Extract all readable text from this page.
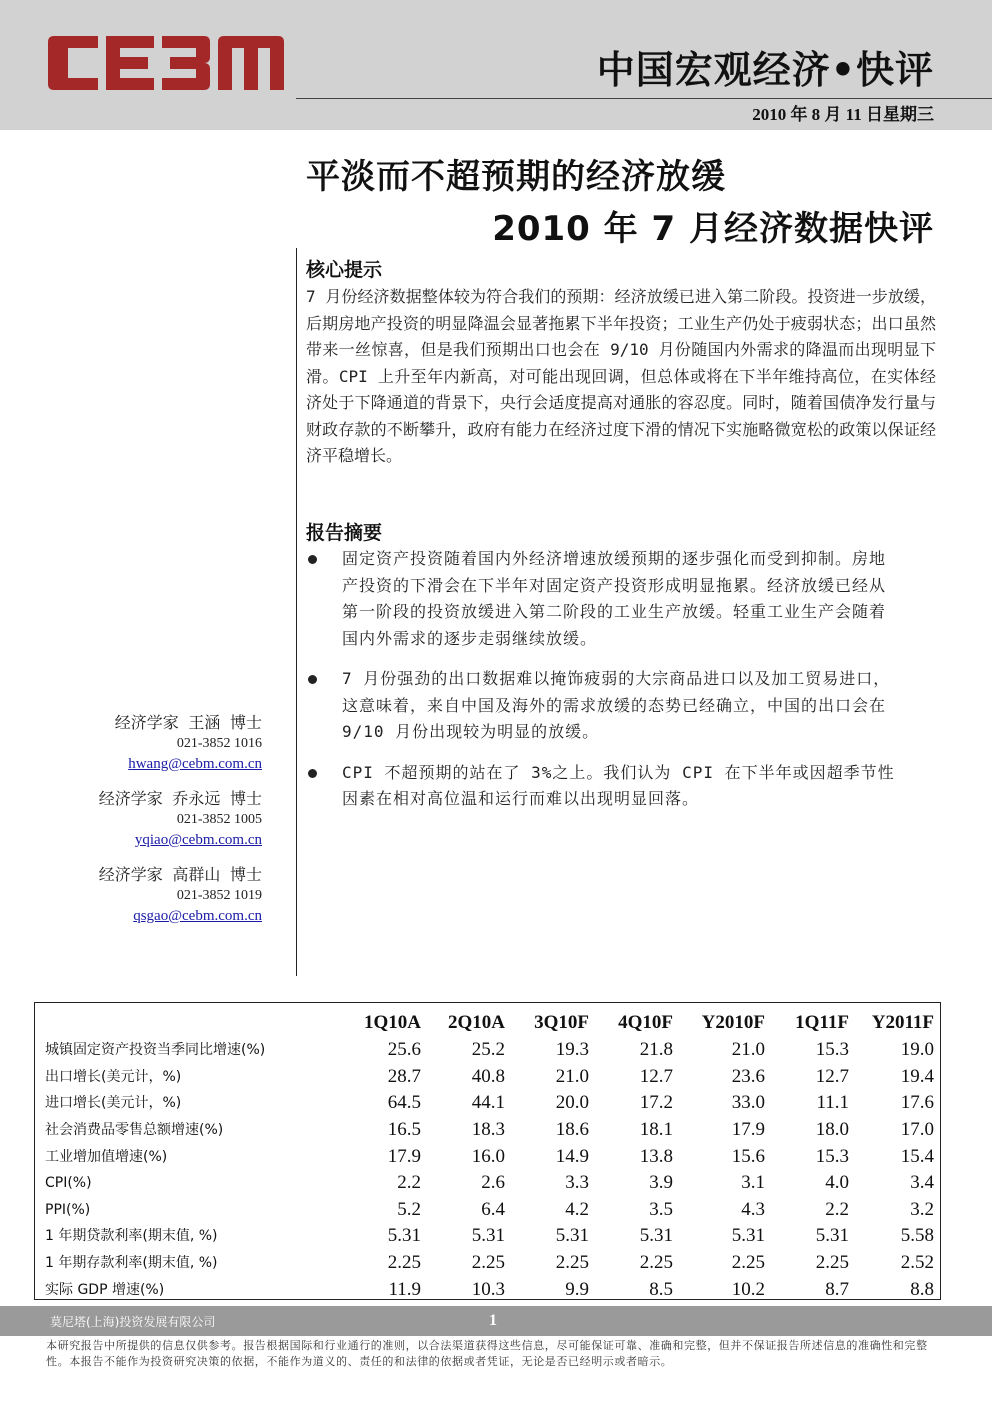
中国宏观经济•快评
2010 年 8 月 11 日星期三
平淡而不超预期的经济放缓
2010 年 7 月经济数据快评
核心提示
7 月份经济数据整体较为符合我们的预期：经济放缓已进入第二阶段。投资进一步放缓，后期房地产投资的明显降温会显著拖累下半年投资；工业生产仍处于疲弱状态；出口虽然带来一丝惊喜，但是我们预期出口也会在 9/10 月份随国内外需求的降温而出现明显下滑。CPI 上升至年内新高，对可能出现回调，但总体或将在下半年维持高位，在实体经济处于下降通道的背景下，央行会适度提高对通胀的容忍度。同时，随着国债净发行量与财政存款的不断攀升，政府有能力在经济过度下滑的情况下实施略微宽松的政策以保证经济平稳增长。
报告摘要
固定资产投资随着国内外经济增速放缓预期的逐步强化而受到抑制。房地产投资的下滑会在下半年对固定资产投资形成明显拖累。经济放缓已经从第一阶段的投资放缓进入第二阶段的工业生产放缓。轻重工业生产会随着国内外需求的逐步走弱继续放缓。
7 月份强劲的出口数据难以掩饰疲弱的大宗商品进口以及加工贸易进口，这意味着，来自中国及海外的需求放缓的态势已经确立，中国的出口会在 9/10 月份出现较为明显的放缓。
CPI 不超预期的站在了 3%之上。我们认为 CPI 在下半年或因超季节性因素在相对高位温和运行而难以出现明显回落。
经济学家 王涵 博士
021-3852 1016
hwang@cebm.com.cn
经济学家 乔永远 博士
021-3852 1005
yqiao@cebm.com.cn
经济学家 高群山 博士
021-3852 1019
qsgao@cebm.com.cn
	1Q10A	2Q10A	3Q10F	4Q10F	Y2010F	1Q11F	Y2011F
城镇固定资产投资当季同比增速(%)	25.6	25.2	19.3	21.8	21.0	15.3	19.0
出口增长(美元计，%)	28.7	40.8	21.0	12.7	23.6	12.7	19.4
进口增长(美元计，%)	64.5	44.1	20.0	17.2	33.0	11.1	17.6
社会消费品零售总额增速(%)	16.5	18.3	18.6	18.1	17.9	18.0	17.0
工业增加值增速(%)	17.9	16.0	14.9	13.8	15.6	15.3	15.4
CPI(%)	2.2	2.6	3.3	3.9	3.1	4.0	3.4
PPI(%)	5.2	6.4	4.2	3.5	4.3	2.2	3.2
1 年期贷款利率(期末值, %)	5.31	5.31	5.31	5.31	5.31	5.31	5.58
1 年期存款利率(期末值, %)	2.25	2.25	2.25	2.25	2.25	2.25	2.52
实际 GDP 增速(%)	11.9	10.3	9.9	8.5	10.2	8.7	8.8
莫尼塔(上海)投资发展有限公司	1
本研究报告中所提供的信息仅供参考。报告根据国际和行业通行的准则，以合法渠道获得这些信息，尽可能保证可靠、准确和完整，但并不保证报告所述信息的准确性和完整性。本报告不能作为投资研究决策的依据，不能作为道义的、责任的和法律的依据或者凭证，无论是否已经明示或者暗示。
